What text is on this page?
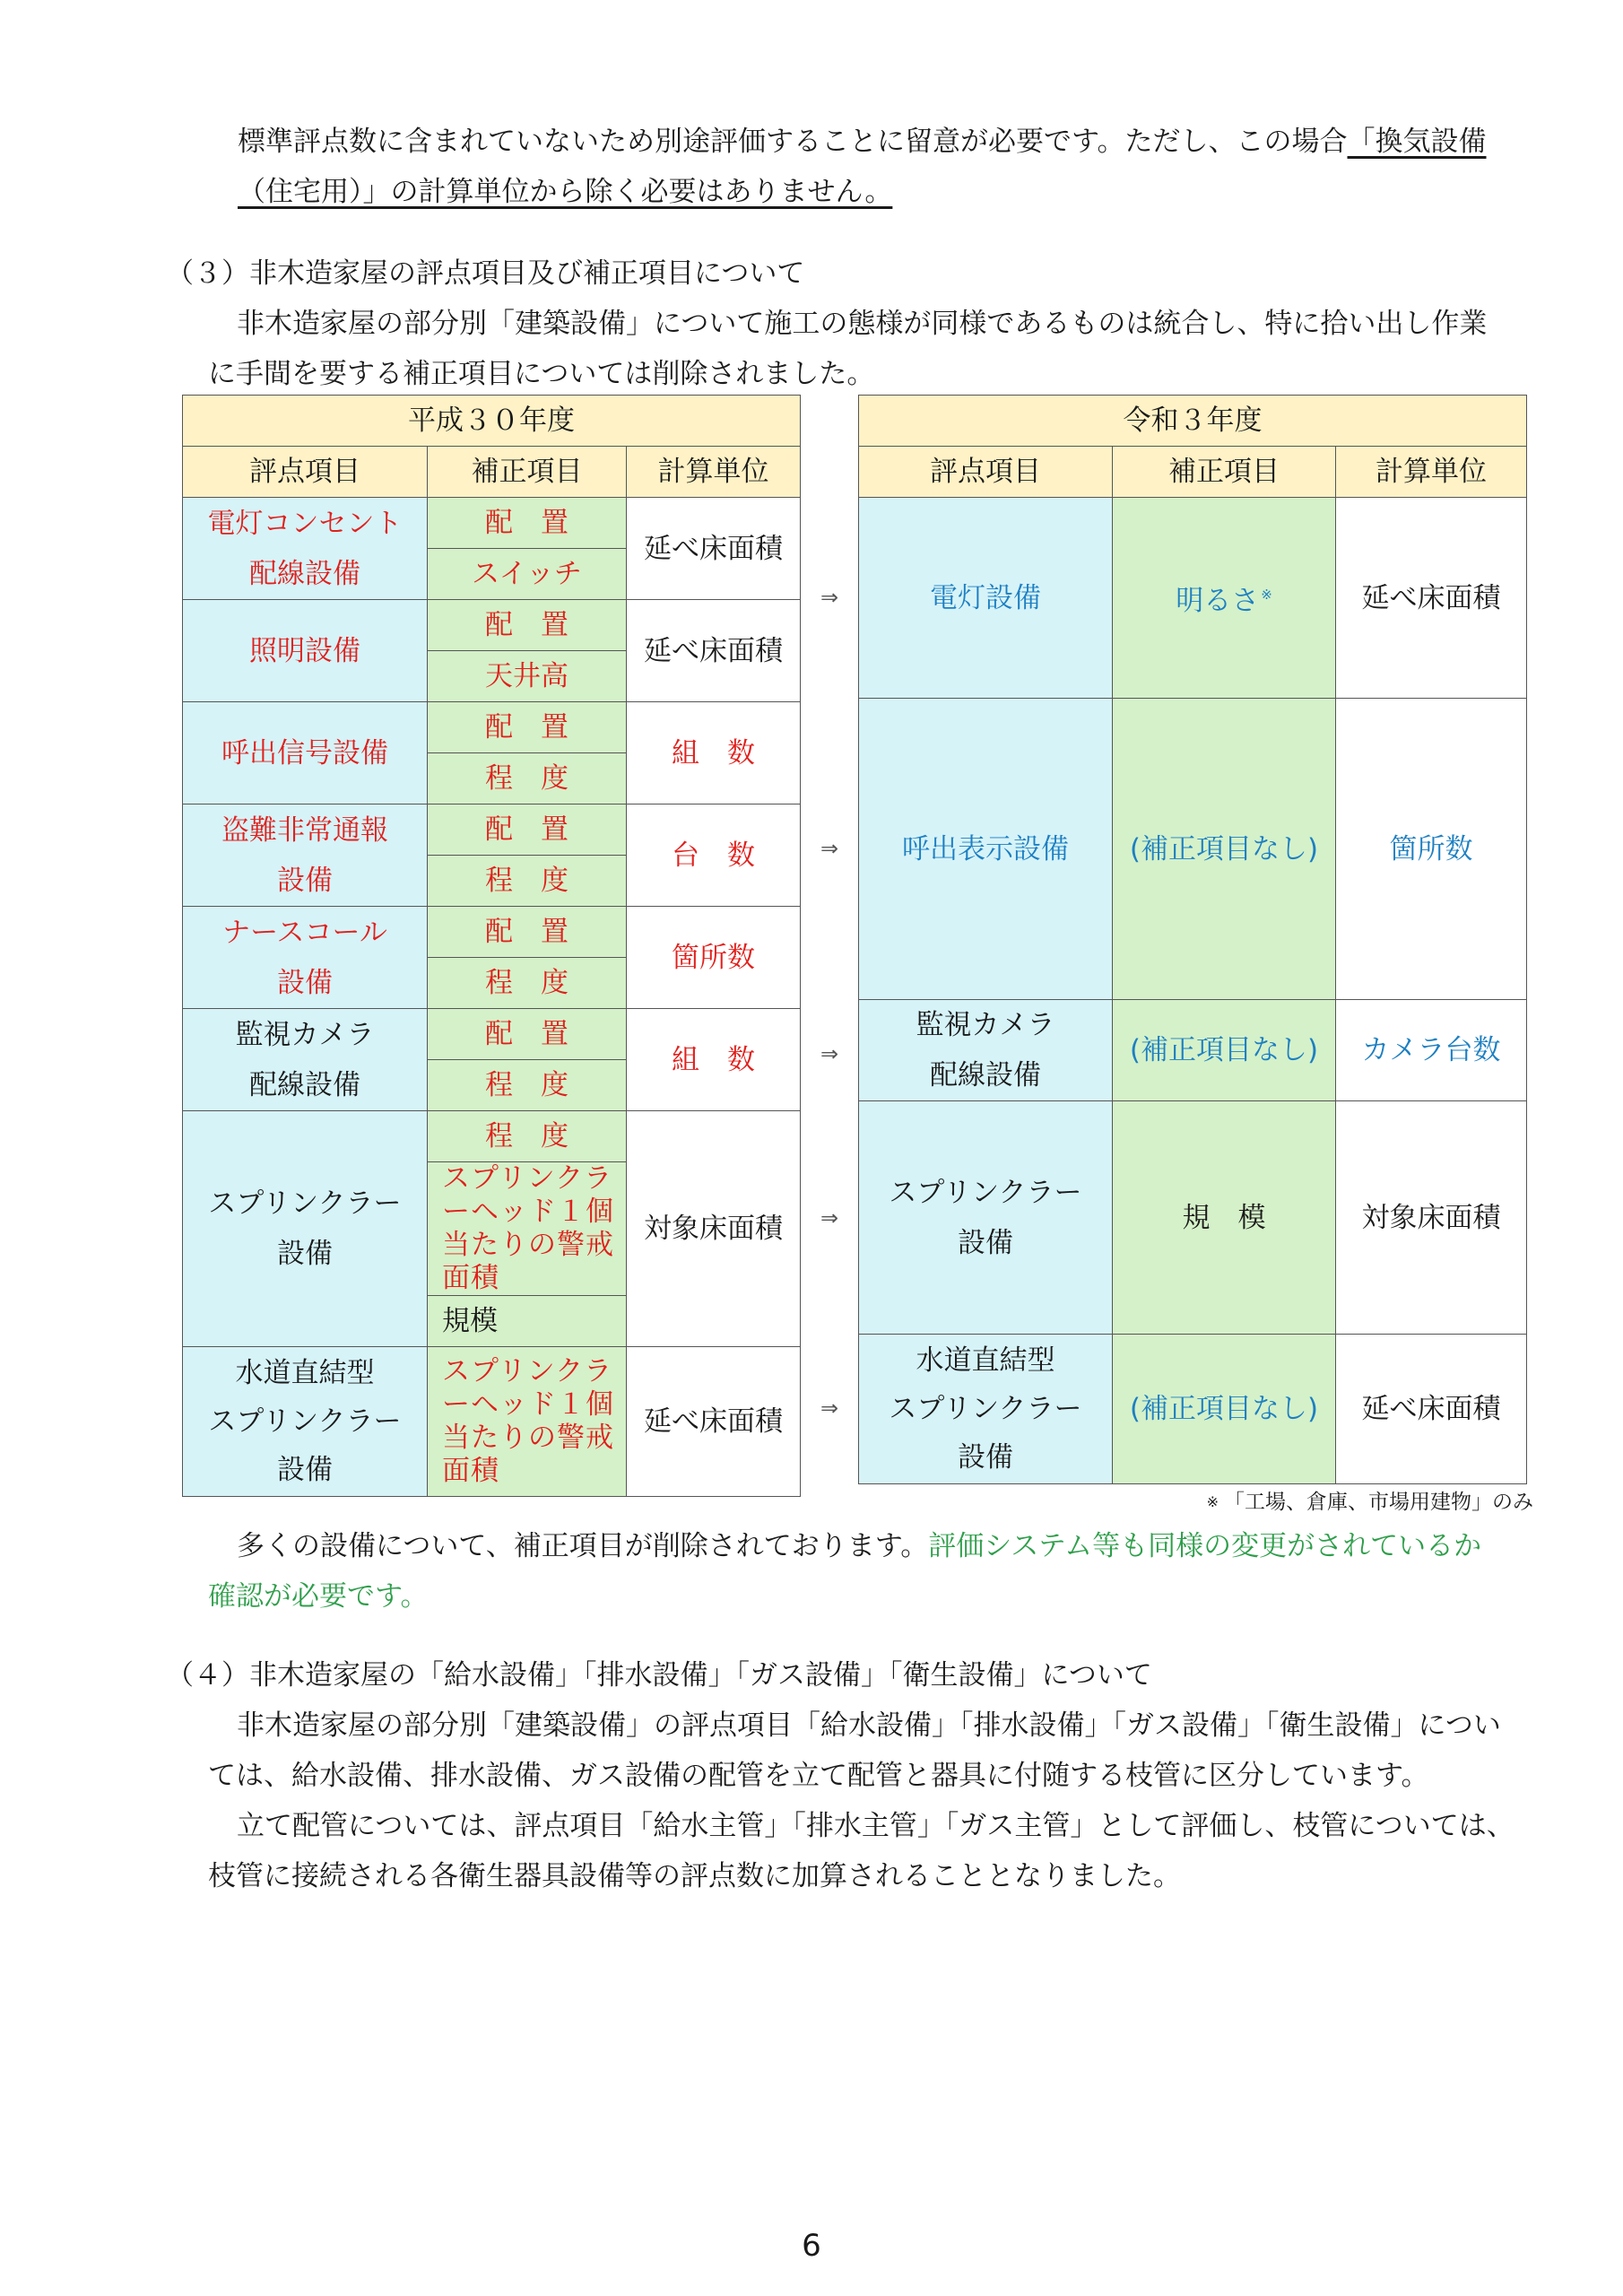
標準評点数に含まれていないため別途評価することに留意が必要です。ただし、この場合「換気設備
（住宅用）」の計算単位から除く必要はありません。

（３）非木造家屋の評点項目及び補正項目について

非木造家屋の部分別「建築設備」について施工の態様が同様であるものは統合し、特に拾い出し作業
に手間を要する補正項目については削除されました。

平成３０年度		
評点項目	補正項目	計算単位
電灯コンセント
配線設備	配　置	延べ床面積
	スイッチ	
照明設備	配　置	延べ床面積
	天井高	
呼出信号設備	配　置	組　数
	程　度	
盗難非常通報
設備	配　置	台　数
	程　度	
ナースコール
設備	配　置	箇所数
	程　度	
監視カメラ
配線設備	配　置	組　数
	程　度	
スプリンクラー
設備	程　度	対象床面積
	スプリンクラ
ーヘッド１個
当たりの警戒
面積	
	規模	
水道直結型
スプリンクラー
設備	スプリンクラ
ーヘッド１個
当たりの警戒
面積	延べ床面積
⇒
⇒
⇒
⇒
⇒
令和３年度		
評点項目	補正項目	計算単位
電灯設備	明るさ ※	延べ床面積
呼出表示設備	(補正項目なし)	箇所数
監視カメラ
配線設備	(補正項目なし)	カメラ台数
スプリンクラー
設備	規　模	対象床面積
水道直結型
スプリンクラー
設備	(補正項目なし)	延べ床面積
※ 「工場、倉庫、市場用建物」のみ

多くの設備について、補正項目が削除されております。評価システム等も同様の変更がされているか
確認が必要です。

（４）非木造家屋の「給水設備」「排水設備」「ガス設備」「衛生設備」について

非木造家屋の部分別「建築設備」の評点項目「給水設備」「排水設備」「ガス設備」「衛生設備」につい
ては、給水設備、排水設備、ガス設備の配管を立て配管と器具に付随する枝管に区分しています。

立て配管については、評点項目「給水主管」「排水主管」「ガス主管」として評価し、枝管については、
枝管に接続される各衛生器具設備等の評点数に加算されることとなりました。

6
